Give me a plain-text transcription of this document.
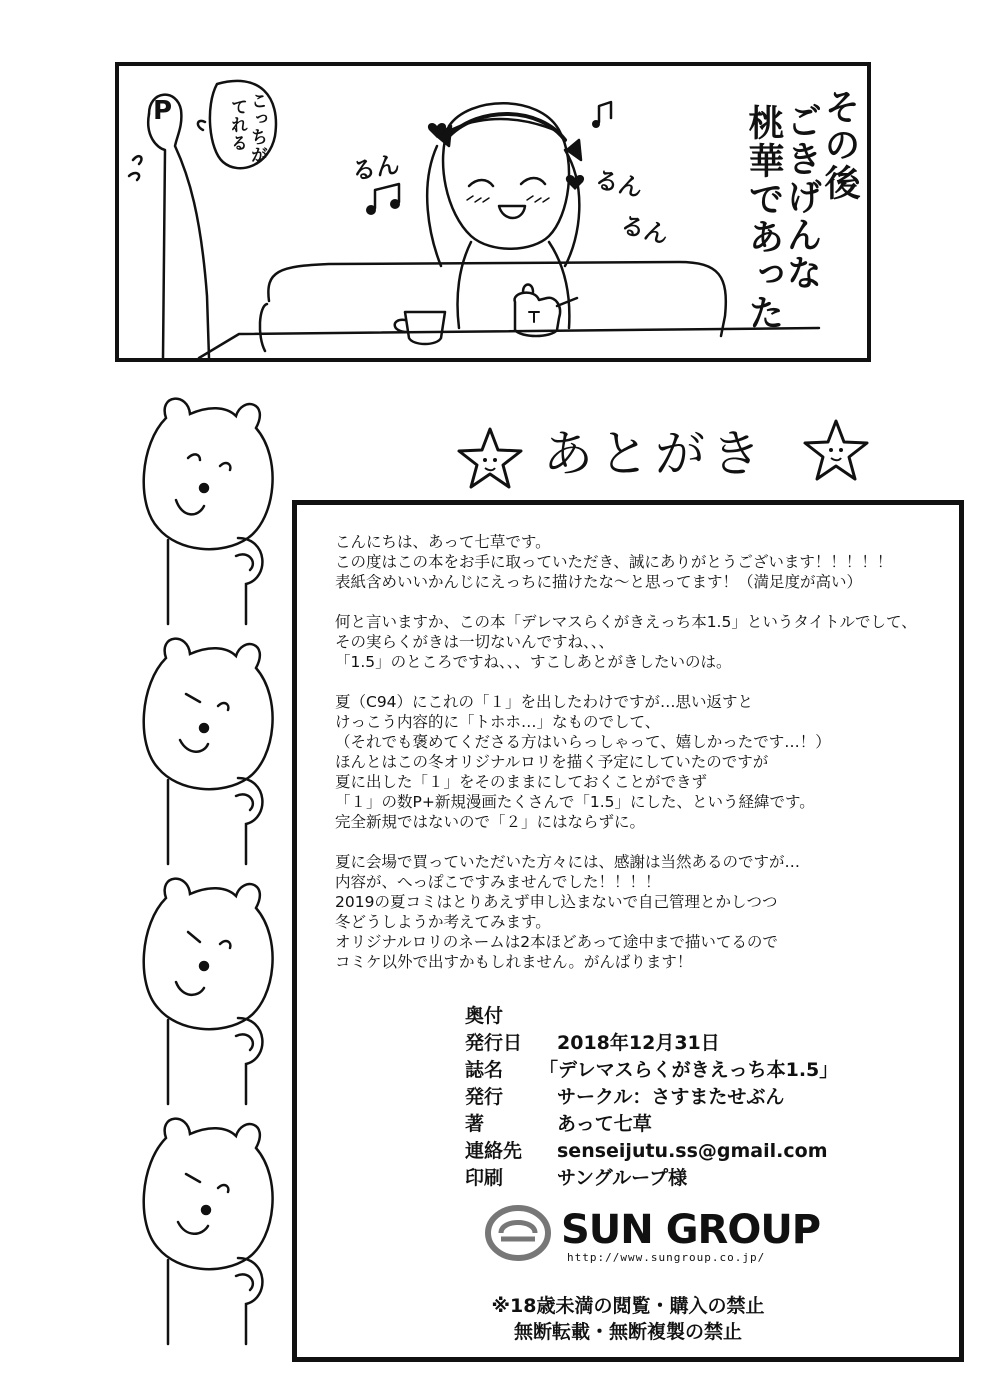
その後
ごきげんな
桃華であった
こっちが
てれる
P
るん	るん
るん
あとがき

こんにちは、あって七草です。
この度はこの本をお手に取っていただき、誠にありがとうございます！！！！！
表紙含めいいかんじにえっちに描けたな～と思ってます！（満足度が高い）

何と言いますか、この本「デレマスらくがきえっち本1.5」というタイトルでして、
その実らくがきは一切ないんですね、、、
「1.5」のところですね、、、すこしあとがきしたいのは。

夏（C94）にこれの「１」を出したわけですが…思い返すと
けっこう内容的に「トホホ…」なものでして、
（それでも褒めてくださる方はいらっしゃって、嬉しかったです…！）
ほんとはこの冬オリジナルロリを描く予定にしていたのですが
夏に出した「１」をそのままにしておくことができず
「１」の数P+新規漫画たくさんで「1.5」にした、という経緯です。
完全新規ではないので「２」にはならずに。

夏に会場で買っていただいた方々には、感謝は当然あるのですが…
内容が、へっぽこですみませんでした！！！！
2019の夏コミはとりあえず申し込まないで自己管理とかしつつ
冬どうしようか考えてみます。
オリジナルロリのネームは2本ほどあって途中まで描いてるので
コミケ以外で出すかもしれません。がんばります！

奥付
発行日	2018年12月31日
誌名	「デレマスらくがきえっち本1.5」
発行	サークル：さすまたせぶん
著	あって七草
連絡先	senseijutu.ss@gmail.com
印刷	サングループ様
SUN GROUP
http://www.sungroup.co.jp/
※18歳未満の閲覧・購入の禁止
無断転載・無断複製の禁止
